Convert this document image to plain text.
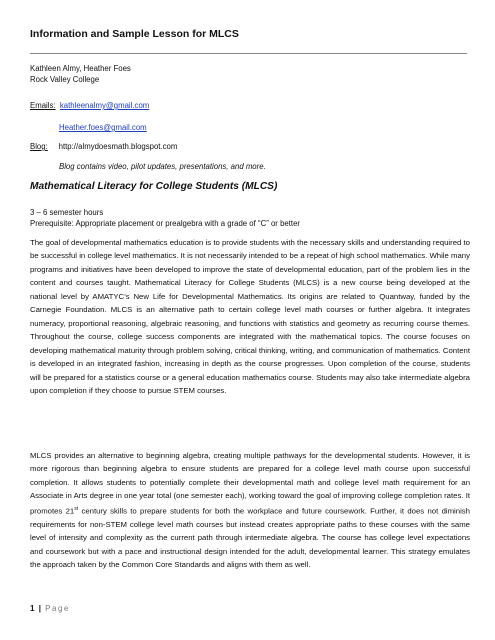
Information and Sample Lesson for MLCS
Kathleen Almy, Heather Foes
Rock Valley College
Emails: kathleenalmy@gmail.com
Heather.foes@gmail.com
Blog: http://almydoesmath.blogspot.com
Blog contains video, pilot updates, presentations, and more.
Mathematical Literacy for College Students (MLCS)
3 – 6 semester hours
Prerequisite: Appropriate placement or prealgebra with a grade of “C” or better
The goal of developmental mathematics education is to provide students with the necessary skills and understanding required to be successful in college level mathematics. It is not necessarily intended to be a repeat of high school mathematics. While many programs and initiatives have been developed to improve the state of developmental education, part of the problem lies in the content and courses taught. Mathematical Literacy for College Students (MLCS) is a new course being developed at the national level by AMATYC’s New Life for Developmental Mathematics. Its origins are related to Quantway, funded by the Carnegie Foundation. MLCS is an alternative path to certain college level math courses or further algebra. It integrates numeracy, proportional reasoning, algebraic reasoning, and functions with statistics and geometry as recurring course themes. Throughout the course, college success components are integrated with the mathematical topics. The course focuses on developing mathematical maturity through problem solving, critical thinking, writing, and communication of mathematics. Content is developed in an integrated fashion, increasing in depth as the course progresses. Upon completion of the course, students will be prepared for a statistics course or a general education mathematics course. Students may also take intermediate algebra upon completion if they choose to pursue STEM courses.
MLCS provides an alternative to beginning algebra, creating multiple pathways for the developmental students. However, it is more rigorous than beginning algebra to ensure students are prepared for a college level math course upon successful completion. It allows students to potentially complete their developmental math and college level math requirement for an Associate in Arts degree in one year total (one semester each), working toward the goal of improving college completion rates. It promotes 21st century skills to prepare students for both the workplace and future coursework. Further, it does not diminish requirements for non-STEM college level math courses but instead creates appropriate paths to these courses with the same level of intensity and complexity as the current path through intermediate algebra. The course has college level expectations and coursework but with a pace and instructional design intended for the adult, developmental learner. This strategy emulates the approach taken by the Common Core Standards and aligns with them as well.
1 | Page
